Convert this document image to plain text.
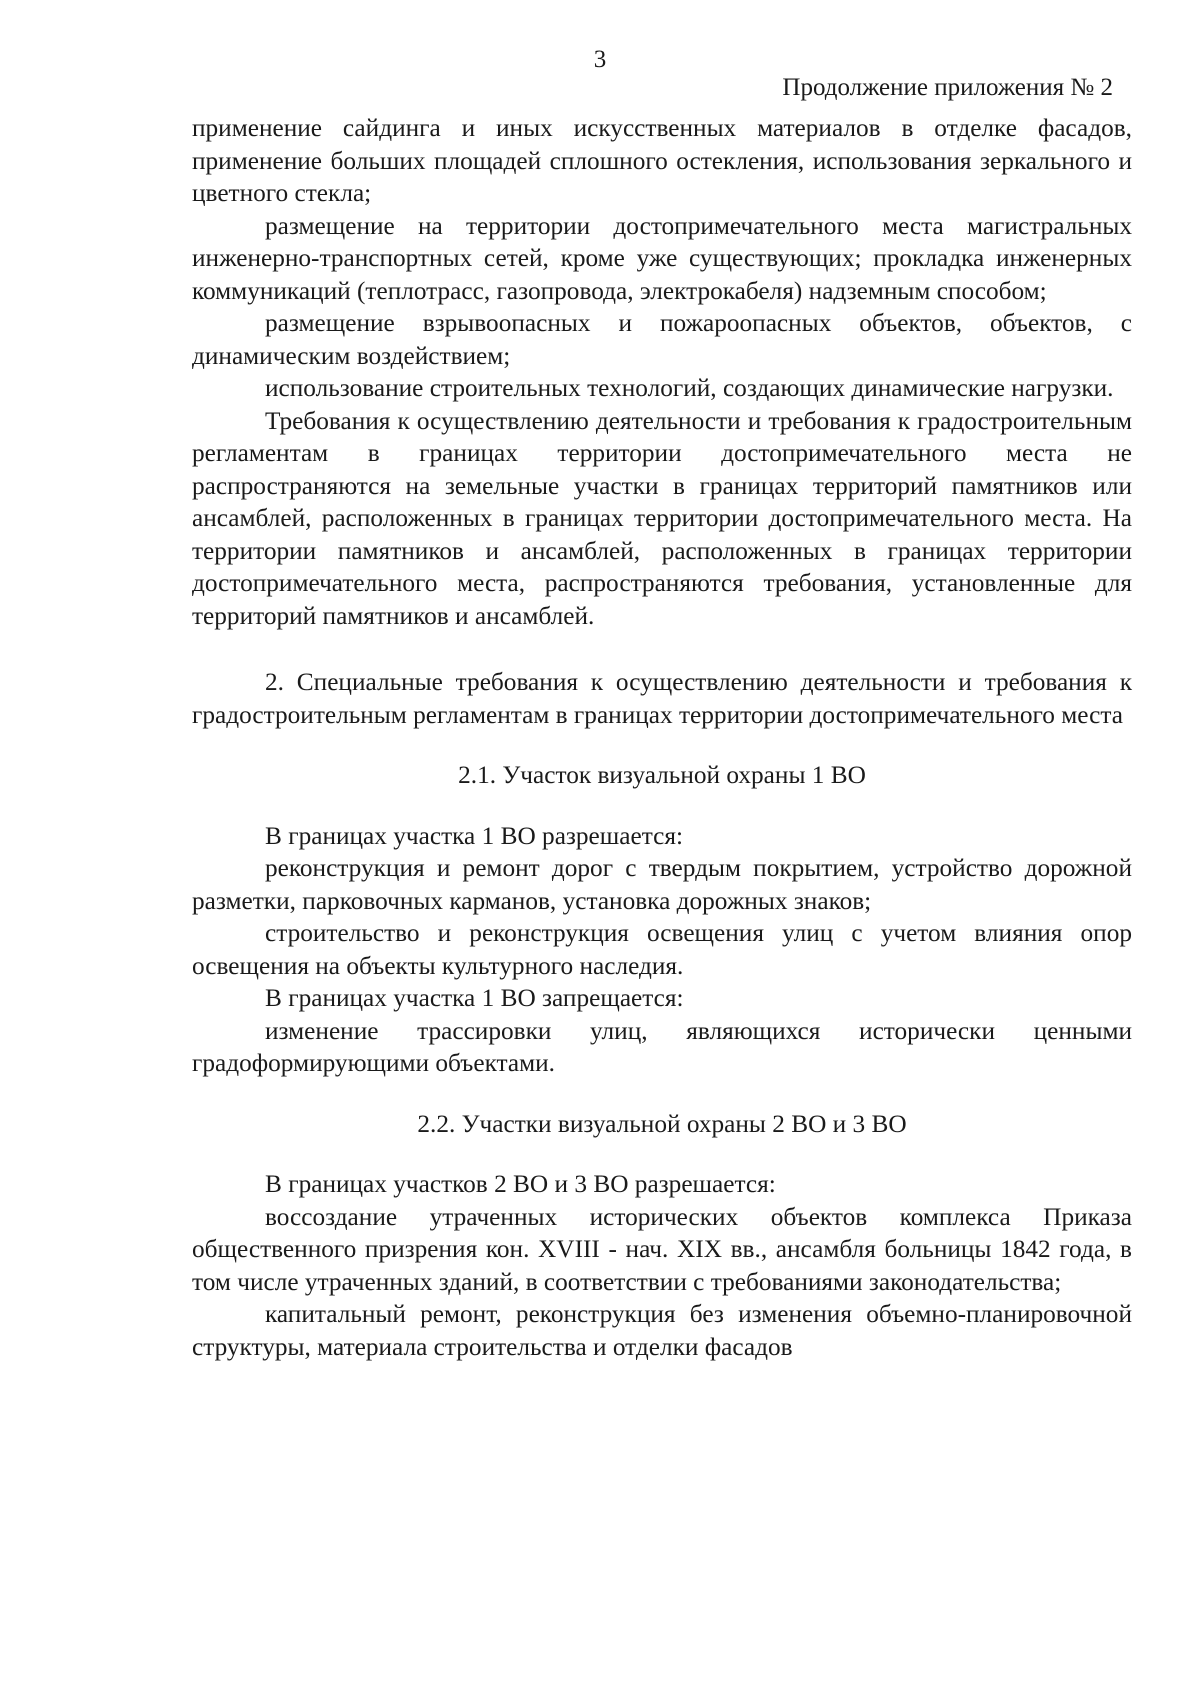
3
Продолжение приложения № 2

применение сайдинга и иных искусственных материалов в отделке фасадов, применение больших площадей сплошного остекления, использования зеркального и цветного стекла;

размещение на территории достопримечательного места магистральных инженерно-транспортных сетей, кроме уже существующих; прокладка инженерных коммуникаций (теплотрасс, газопровода, электрокабеля) надземным способом;

размещение взрывоопасных и пожароопасных объектов, объектов, с динамическим воздействием;

использование строительных технологий, создающих динамические нагрузки.

Требования к осуществлению деятельности и требования к градостроительным регламентам в границах территории достопримечательного места не распространяются на земельные участки в границах территорий памятников или ансамблей, расположенных в границах территории достопримечательного места. На территории памятников и ансамблей, расположенных в границах территории достопримечательного места, распространяются требования, установленные для территорий памятников и ансамблей.

2. Специальные требования к осуществлению деятельности и требования к градостроительным регламентам в границах территории достопримечательного места

2.1. Участок визуальной охраны 1 ВО

В границах участка 1 ВО разрешается:

реконструкция и ремонт дорог с твердым покрытием, устройство дорожной разметки, парковочных карманов, установка дорожных знаков;

строительство и реконструкция освещения улиц с учетом влияния опор освещения на объекты культурного наследия.

В границах участка 1 ВО запрещается:

изменение трассировки улиц, являющихся исторически ценными градоформирующими объектами.

2.2. Участки визуальной охраны 2 ВО и 3 ВО

В границах участков 2 ВО и 3 ВО разрешается:

воссоздание утраченных исторических объектов комплекса Приказа общественного призрения кон. XVIII - нач. XIX вв., ансамбля больницы 1842 года, в том числе утраченных зданий, в соответствии с требованиями законодательства;

капитальный ремонт, реконструкция без изменения объемно-планировочной структуры, материала строительства и отделки фасадов
